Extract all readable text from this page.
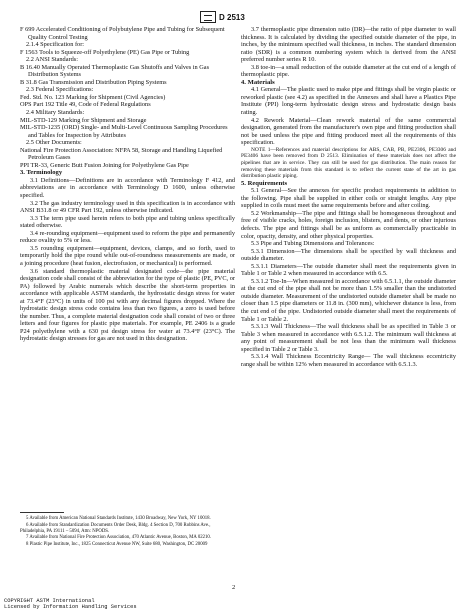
D 2513

F 699 Accelerated Conditioning of Polybutylene Pipe and Tubing for Subsequent Quality Control Testing

2.1.4 Specification for:

F 1563 Tools to Squeeze-off Polyethylene (PE) Gas Pipe or Tubing

2.2 ANSI Standards:

B 16.40 Manually Operated Thermoplastic Gas Shutoffs and Valves in Gas Distribution Systems

B 31.8 Gas Transmission and Distribution Piping Systems

2.3 Federal Specifications:

Fed. Std. No. 123 Marking for Shipment (Civil Agencies)

OPS Part 192 Title 49, Code of Federal Regulations

2.4 Military Standards:

MIL-STD-129 Marking for Shipment and Storage

MIL-STD-1235 (ORD) Single- and Multi-Level Continuous Sampling Procedures and Tables for Inspection by Attributes

2.5 Other Documents:

National Fire Protection Association: NFPA 58, Storage and Handling Liquefied Petroleum Gases

PPI TR-33, Generic Butt Fusion Joining for Polyethylene Gas Pipe

3. Terminology

3.1 Definitions—Definitions are in accordance with Terminology F 412, and abbreviations are in accordance with Terminology D 1600, unless otherwise specified.

3.2 The gas industry terminology used in this specification is in accordance with ANSI B31.8 or 49 CFR Part 192, unless otherwise indicated.

3.3 The term pipe used herein refers to both pipe and tubing unless specifically stated otherwise.

3.4 re-rounding equipment—equipment used to reform the pipe and permanently reduce ovality to 5% or less.

3.5 rounding equipment—equipment, devices, clamps, and so forth, used to temporarily hold the pipe round while out-of-roundness measurements are made, or a joining procedure (heat fusion, electrofusion, or mechanical) is performed.

3.6 standard thermoplastic material designated code—the pipe material designation code shall consist of the abbreviation for the type of plastic (PE, PVC, or PA) followed by Arabic numerals which describe the short-term properties in accordance with applicable ASTM standards, the hydrostatic design stress for water at 73.4°F (23°C) in units of 100 psi with any decimal figures dropped. Where the hydrostatic design stress code contains less than two figures, a zero is used before the number. Thus, a complete material designation code shall consist of two or three letters and four figures for plastic pipe materials. For example, PE 2406 is a grade P24 polyethylene with a 630 psi design stress for water at 73.4°F (23°C). The hydrostatic design stresses for gas are not used in this designation.

3.7 thermoplastic pipe dimension ratio (DR)—the ratio of pipe diameter to wall thickness. It is calculated by dividing the specified outside diameter of the pipe, in inches, by the minimum specified wall thickness, in inches. The standard dimension ratio (SDR) is a common numbering system which is derived from the ANSI preferred number series R 10.

3.8 toe-in—a small reduction of the outside diameter at the cut end of a length of thermoplastic pipe.

4. Materials

4.1 General—The plastic used to make pipe and fittings shall be virgin plastic or reworked plastic (see 4.2) as specified in the Annexes and shall have a Plastics Pipe Institute (PPI) long-term hydrostatic design stress and hydrostatic design basis rating.

4.2 Rework Material—Clean rework material of the same commercial designation, generated from the manufacturer's own pipe and fitting production shall not be used unless the pipe and fitting produced meet all the requirements of this specification.

NOTE 1—References and material descriptions for ABS, CAB, PB, PE2306, PE3306 and PE3406 have been removed from D 2513. Elimination of these materials does not affect the pipelines that are in service. They can still be used for gas distribution. The main reason for removing these materials from this standard is to reflect the current state of the art in gas distribution plastic piping.

5. Requirements

5.1 General—See the annexes for specific product requirements in addition to the following. Pipe shall be supplied in either coils or straight lengths. Any pipe supplied in coils must meet the same requirements before and after coiling.

5.2 Workmanship—The pipe and fittings shall be homogeneous throughout and free of visible cracks, holes, foreign inclusion, blisters, and dents, or other injurious defects. The pipe and fittings shall be as uniform as commercially practicable in color, opacity, density, and other physical properties.

5.3 Pipe and Tubing Dimensions and Tolerances:

5.3.1 Dimension—The dimensions shall be specified by wall thickness and outside diameter.

5.3.1.1 Diameters—The outside diameter shall meet the requirements given in Table 1 or Table 2 when measured in accordance with 6.5.

5.3.1.2 Toe-In—When measured in accordance with 6.5.1.1, the outside diameter at the cut end of the pipe shall not be more than 1.5% smaller than the undistorted outside diameter. Measurement of the undistorted outside diameter shall be made no closer than 1.5 pipe diameters or 11.8 in. (300 mm), whichever distance is less, from the cut end of the pipe. Undistorted outside diameter shall meet the requirements of Table 1 or Table 2.

5.3.1.3 Wall Thickness—The wall thickness shall be as specified in Table 3 or Table 3 when measured in accordance with 6.5.1.2. The minimum wall thickness at any point of measurement shall be not less than the minimum wall thickness specified in Table 2 or Table 3.

5.3.1.4 Wall Thickness Eccentricity Range— The wall thickness eccentricity range shall be within 12% when measured in accordance with 6.5.1.3.

5 Available from American National Standards Institute, 1430 Broadway, New York, NY 10018.

6 Available from Standardization Documents Order Desk, Bldg. 4 Section D, 700 Robbins Ave., Philadelphia, PA 19111 – 5094, Attn: NPODS.

7 Available from National Fire Protection Association, 470 Atlantic Avenue, Boston, MA 02210.

8 Plastic Pipe Institute, Inc., 1825 Connecticut Avenue NW, Suite 680, Washington, DC 20009

2
COPYRIGHT ASTM International
Licensed by Information Handling Services
